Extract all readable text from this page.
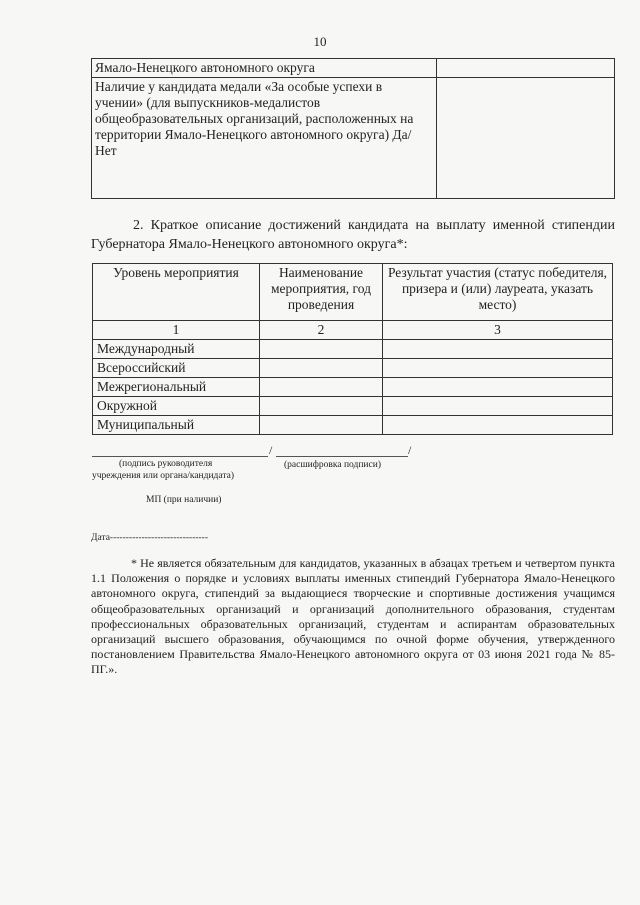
10
Ямало-Ненецкого автономного округа	
Наличие у кандидата медали «За особые успехи в учении» (для выпускников-медалистов общеобразовательных организаций, расположенных на территории Ямало-Ненецкого автономного округа) Да/Нет	
2. Краткое описание достижений кандидата на выплату именной стипендии Губернатора Ямало-Ненецкого автономного округа*:
Уровень мероприятия	Наименование мероприятия, год проведения	Результат участия (статус победителя, призера и (или) лауреата, указать место)
1	2	3
Международный		
Всероссийский		
Межрегиональный		
Окружной		
Муниципальный		
/	/
(подпись руководителя
учреждения или органа/кандидата)
(расшифровка подписи)
МП (при наличии)
Дата-------------------------------
* Не является обязательным для кандидатов, указанных в абзацах третьем и четвертом пункта 1.1 Положения о порядке и условиях выплаты именных стипендий Губернатора Ямало-Ненецкого автономного округа, стипендий за выдающиеся творческие и спортивные достижения учащимся общеобразовательных организаций и организаций дополнительного образования, студентам профессиональных образовательных организаций, студентам и аспирантам образовательных организаций высшего образования, обучающимся по очной форме обучения, утвержденного постановлением Правительства Ямало-Ненецкого автономного округа от 03 июня 2021 года № 85-ПГ.».
